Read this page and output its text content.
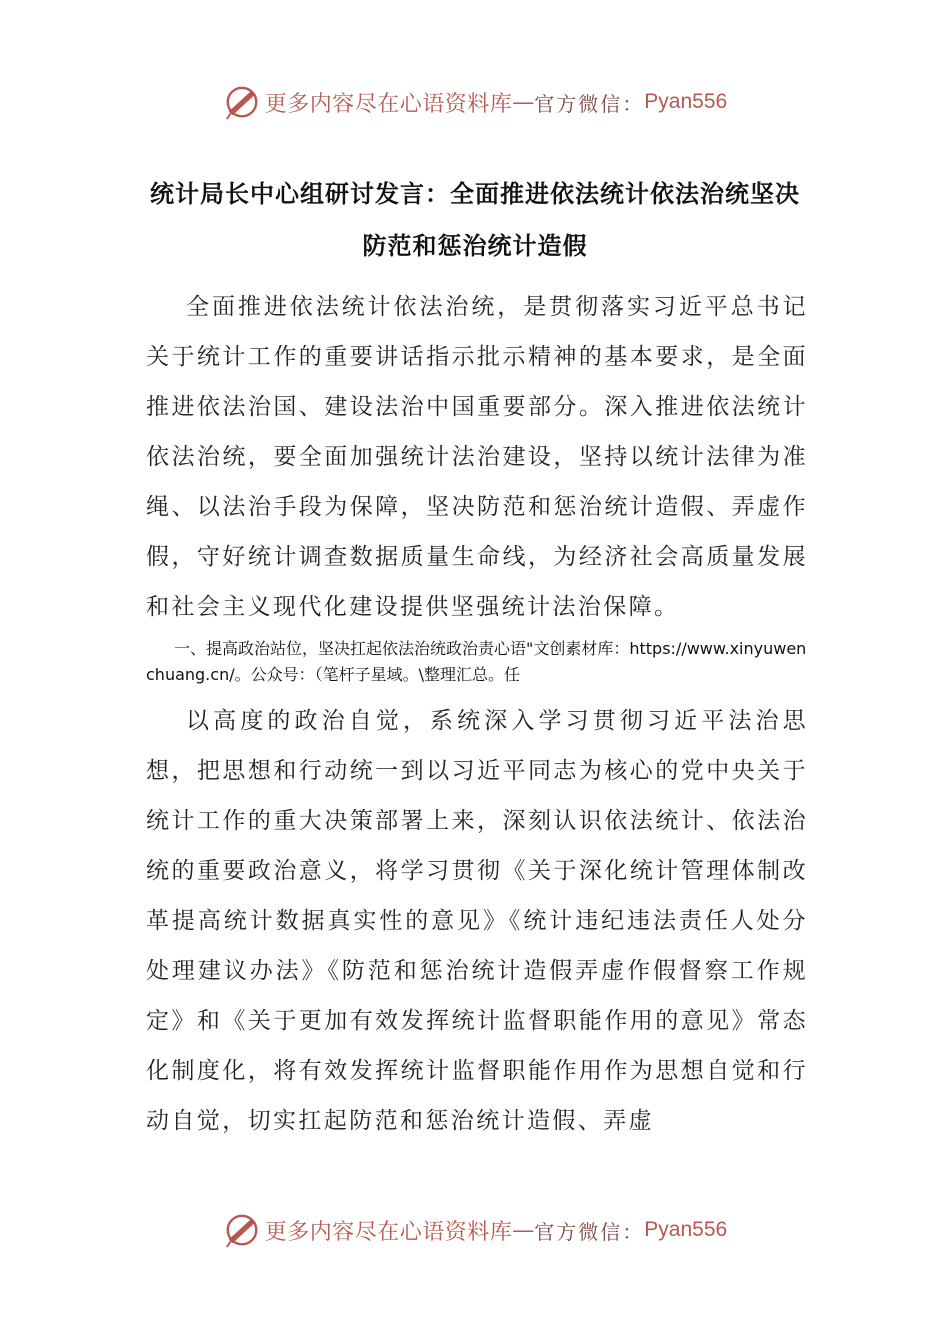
更多内容尽在心语资料库 — 官方微信： Pyan556
统计局长中心组研讨发言：全面推进依法统计依法治统坚决防范和惩治统计造假

全面推进依法统计依法治统，是贯彻落实习近平总书记关于统计工作的重要讲话指示批示精神的基本要求，是全面推进依法治国、建设法治中国重要部分。深入推进依法统计依法治统，要全面加强统计法治建设，坚持以统计法律为准绳、以法治手段为保障，坚决防范和惩治统计造假、弄虚作假，守好统计调查数据质量生命线，为经济社会高质量发展和社会主义现代化建设提供坚强统计法治保障。

一、提高政治站位，坚决扛起依法治统政治责心语"文创素材库：https://www.xinyuwenchuang.cn/。公众号：（笔杆子星域。\整理汇总。任

以高度的政治自觉，系统深入学习贯彻习近平法治思想，把思想和行动统一到以习近平同志为核心的党中央关于统计工作的重大决策部署上来，深刻认识依法统计、依法治统的重要政治意义，将学习贯彻《关于深化统计管理体制改革提高统计数据真实性的意见》《统计违纪违法责任人处分处理建议办法》《防范和惩治统计造假弄虚作假督察工作规定》和《关于更加有效发挥统计监督职能作用的意见》常态化制度化，将有效发挥统计监督职能作用作为思想自觉和行动自觉，切实扛起防范和惩治统计造假、弄虚

更多内容尽在心语资料库 — 官方微信： Pyan556
